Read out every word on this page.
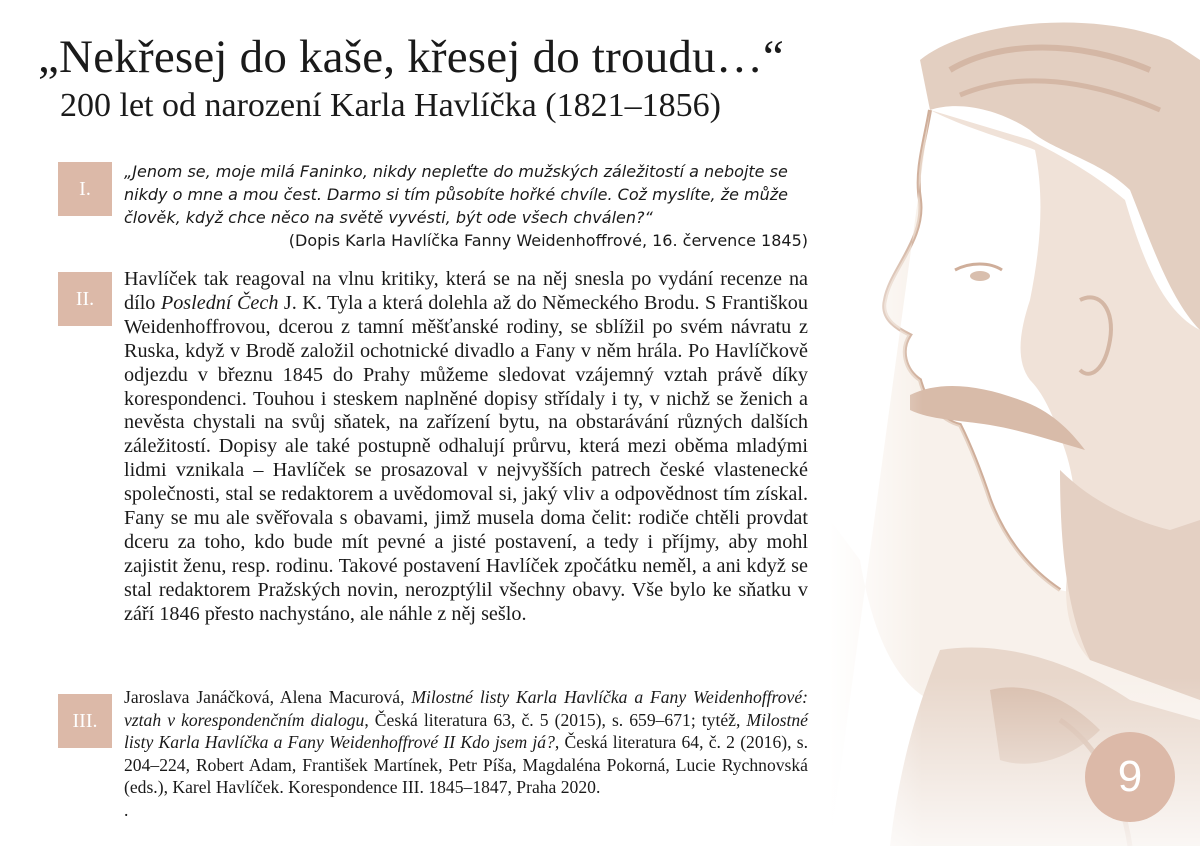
„Nekřesej do kaše, křesej do troudu…“
200 let od narození Karla Havlíčka (1821–1856)
I.
„Jenom se, moje milá Faninko, nikdy nepleťte do mužských záležitostí a nebojte se nikdy o mne a mou čest. Darmo si tím působíte hořké chvíle. Což myslíte, že může člověk, když chce něco na světě vyvésti, být ode všech chválen?“
(Dopis Karla Havlíčka Fanny Weidenhoffrové, 16. července 1845)
II.
Havlíček tak reagoval na vlnu kritiky, která se na něj snesla po vydání recenze na dílo Poslední Čech J. K. Tyla a která dolehla až do Německého Brodu. S Františkou Weidenhoffrovou, dcerou z tamní měšťanské rodiny, se sblížil po svém návratu z Ruska, když v Brodě založil ochotnické divadlo a Fany v něm hrála. Po Havlíčkově odjezdu v březnu 1845 do Prahy můžeme sledovat vzájemný vztah právě díky korespondenci. Touhou i steskem naplněné dopisy střídaly i ty, v nichž se ženich a nevěsta chystali na svůj sňatek, na zařízení bytu, na obstarávání různých dalších záležitostí. Dopisy ale také postupně odhalují průrvu, která mezi oběma mladými lidmi vznikala – Havlíček se prosazoval v nejvyšších patrech české vlastenecké společnosti, stal se redaktorem a uvědomoval si, jaký vliv a odpovědnost tím získal. Fany se mu ale svěřovala s obavami, jimž musela doma čelit: rodiče chtěli provdat dceru za toho, kdo bude mít pevné a jisté postavení, a tedy i příjmy, aby mohl zajistit ženu, resp. rodinu. Takové postavení Havlíček zpočátku neměl, a ani když se stal redaktorem Pražských novin, nerozptýlil všechny obavy. Vše bylo ke sňatku v září 1846 přesto nachystáno, ale náhle z něj sešlo.
III.
Jaroslava Janáčková, Alena Macurová, Milostné listy Karla Havlíčka a Fany Weidenhoffrové: vztah v korespondenčním dialogu, Česká literatura 63, č. 5 (2015), s. 659–671; tytéž, Milostné listy Karla Havlíčka a Fany Weidenhoffrové II Kdo jsem já?, Česká literatura 64, č. 2 (2016), s. 204–224, Robert Adam, František Martínek, Petr Píša, Magdaléna Pokorná, Lucie Rychnovská (eds.), Karel Havlíček. Korespondence III. 1845–1847, Praha 2020.
.
9
